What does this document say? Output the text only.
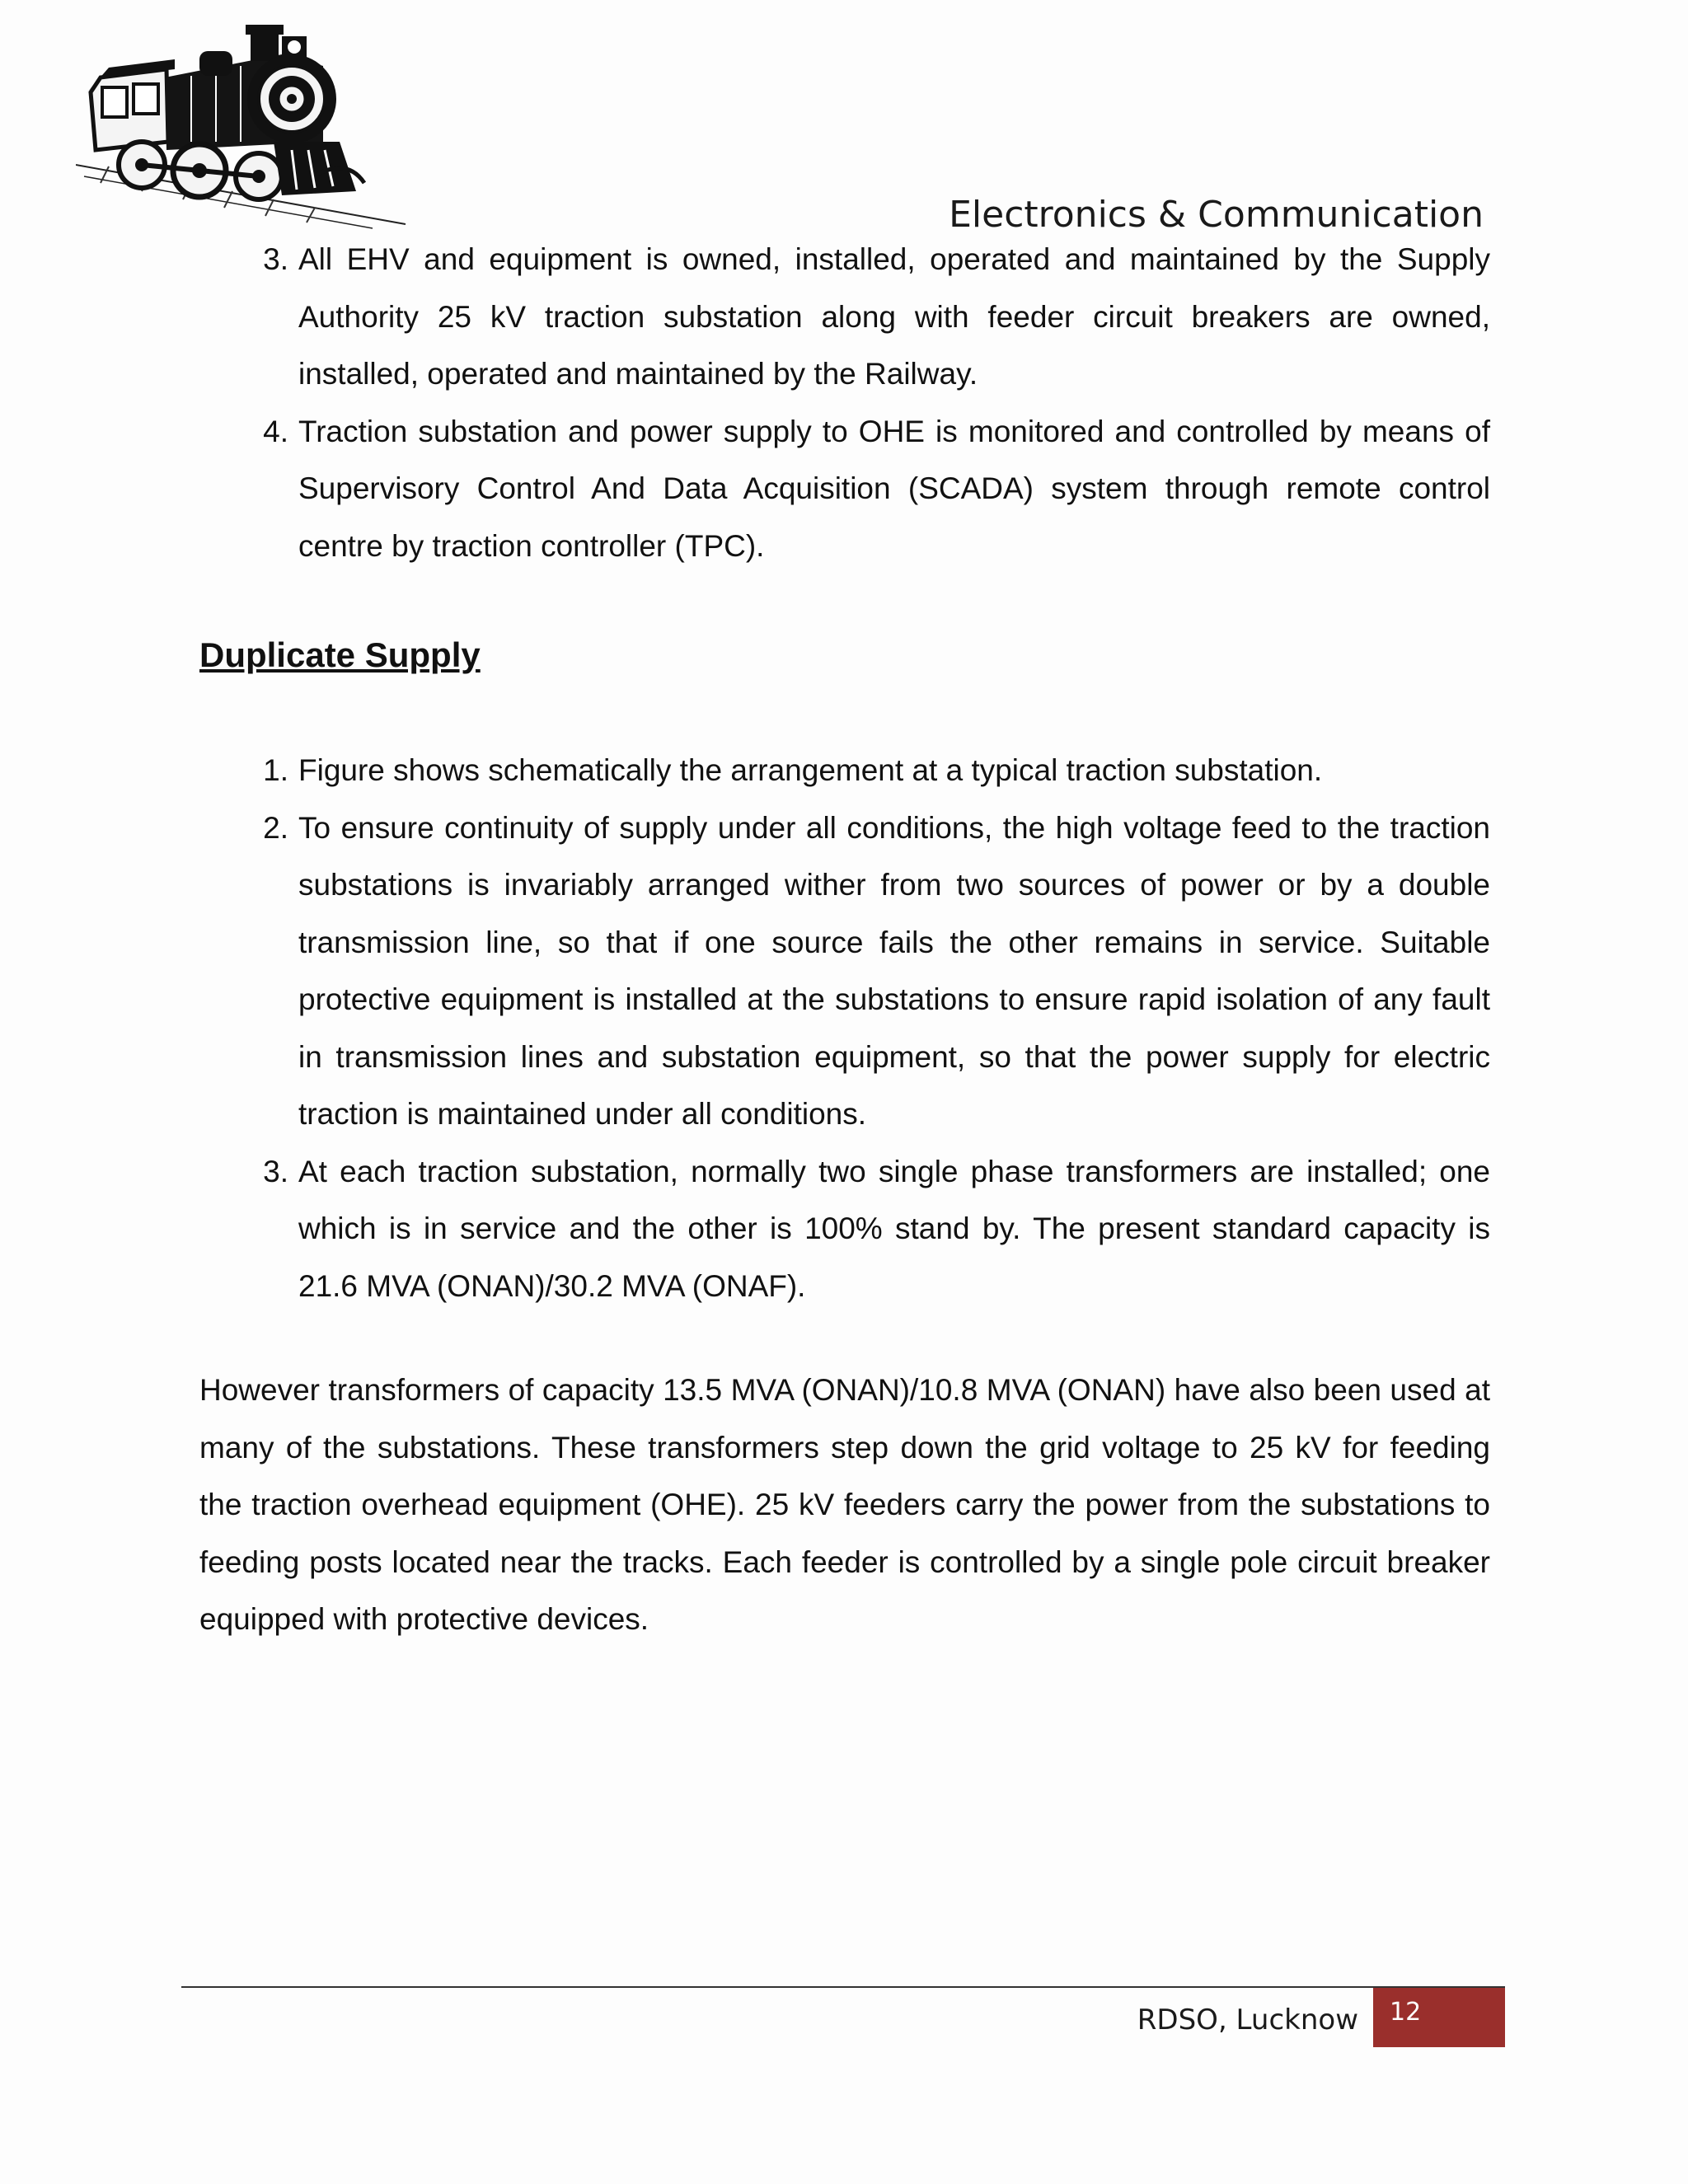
Electronics & Communication
3. All EHV and equipment is owned, installed, operated and maintained by the Supply Authority 25 kV traction substation along with feeder circuit breakers are owned, installed, operated and maintained by the Railway.
4. Traction substation and power supply to OHE is monitored and controlled by means of Supervisory Control And Data Acquisition (SCADA) system through remote control centre by traction controller (TPC).
Duplicate Supply
1. Figure shows schematically the arrangement at a typical traction substation.
2. To ensure continuity of supply under all conditions, the high voltage feed to the traction substations is invariably arranged wither from two sources of power or by a double transmission line, so that if one source fails the other remains in service. Suitable protective equipment is installed at the substations to ensure rapid isolation of any fault in transmission lines and substation equipment, so that the power supply for electric traction is maintained under all conditions.
3. At each traction substation, normally two single phase transformers are installed; one which is in service and the other is 100% stand by. The present standard capacity is 21.6 MVA (ONAN)/30.2 MVA (ONAF).

However transformers of capacity 13.5 MVA (ONAN)/10.8 MVA (ONAN) have also been used at many of the substations. These transformers step down the grid voltage to 25 kV for feeding the traction overhead equipment (OHE). 25 kV feeders carry the power from the substations to feeding posts located near the tracks. Each feeder is controlled by a single pole circuit breaker equipped with protective devices.

RDSO, Lucknow	12
